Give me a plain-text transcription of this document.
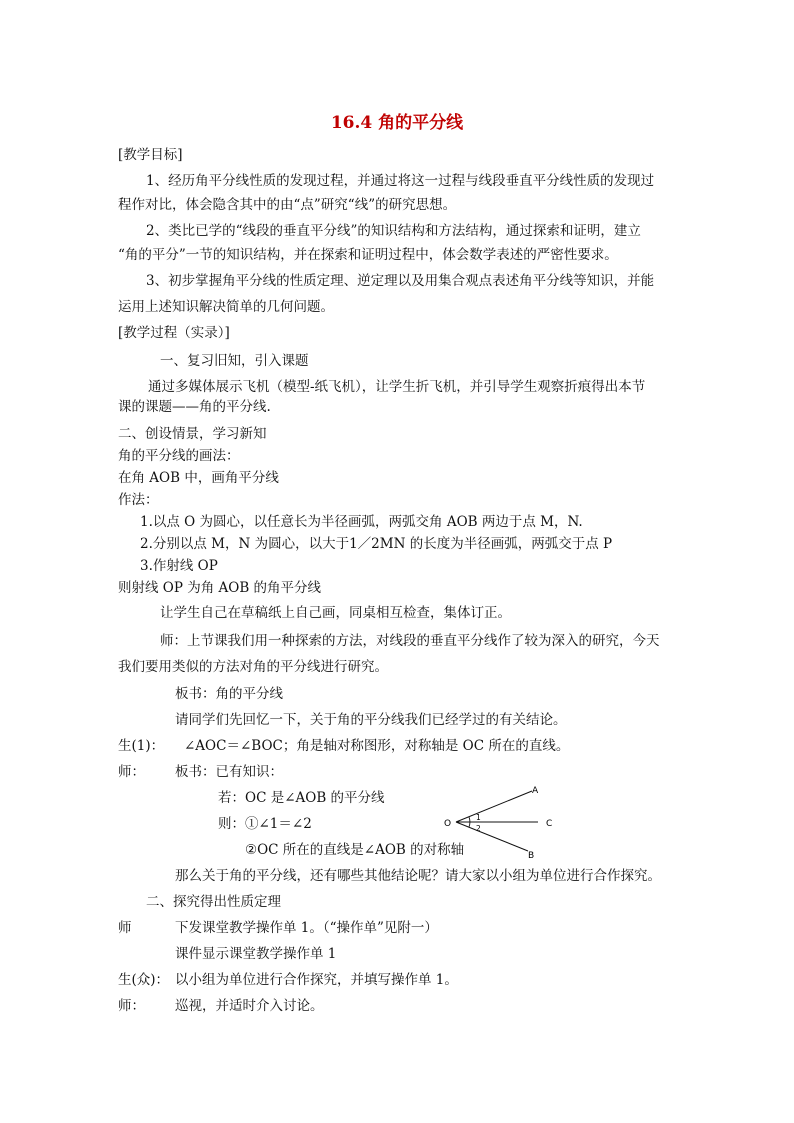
16.4 角的平分线
[教学目标]
1、经历角平分线性质的发现过程，并通过将这一过程与线段垂直平分线性质的发现过
程作对比，体会隐含其中的由“点”研究“线”的研究思想。
2、类比已学的“线段的垂直平分线”的知识结构和方法结构，通过探索和证明，建立
“角的平分”一节的知识结构，并在探索和证明过程中，体会数学表述的严密性要求。
3、初步掌握角平分线的性质定理、逆定理以及用集合观点表述角平分线等知识，并能
运用上述知识解决简单的几何问题。
[教学过程（实录）]
一、复习旧知，引入课题
通过多媒体展示飞机（模型-纸飞机），让学生折飞机，并引导学生观察折痕得出本节
课的课题——角的平分线.
二、创设情景，学习新知
角的平分线的画法：
在角 AOB 中，画角平分线
作法：
1.以点 O 为圆心，以任意长为半径画弧，两弧交角 AOB 两边于点 M，N.
2.分别以点 M，N 为圆心，以大于1／2MN 的长度为半径画弧，两弧交于点 P
3.作射线 OP
则射线 OP 为角 AOB 的角平分线
让学生自己在草稿纸上自己画，同桌相互检查，集体订正。
师：上节课我们用一种探索的方法，对线段的垂直平分线作了较为深入的研究，今天
我们要用类似的方法对角的平分线进行研究。
板书：角的平分线
请同学们先回忆一下，关于角的平分线我们已经学过的有关结论。
生(1)： ∠AOC＝∠BOC；角是轴对称图形，对称轴是 OC 所在的直线。
师： 板书：已有知识：
若：OC 是∠AOB 的平分线
则：①∠1＝∠2
②OC 所在的直线是∠AOB 的对称轴
O
A
C
B
1
2
那么关于角的平分线，还有哪些其他结论呢？请大家以小组为单位进行合作探究。
二、探究得出性质定理
师	下发课堂教学操作单 1。（“操作单”见附一）
课件显示课堂教学操作单 1
生(众)： 以小组为单位进行合作探究，并填写操作单 1。
师： 巡视，并适时介入讨论。
